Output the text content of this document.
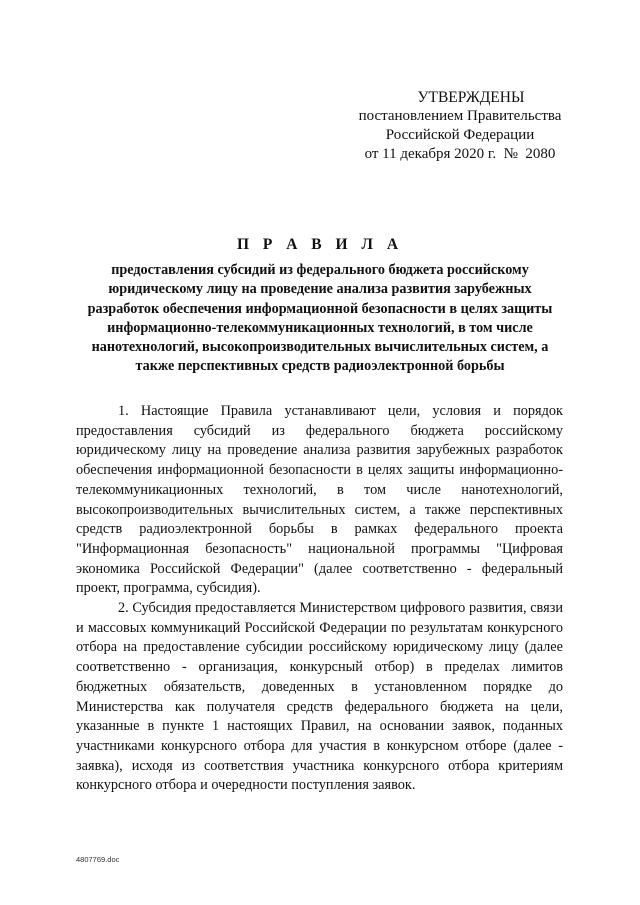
УТВЕРЖДЕНЫ
постановлением Правительства
Российской Федерации
от 11 декабря 2020 г.  №  2080
П Р А В И Л А
предоставления субсидий из федерального бюджета российскому юридическому лицу на проведение анализа развития зарубежных разработок обеспечения информационной безопасности в целях защиты информационно-телекоммуникационных технологий, в том числе нанотехнологий, высокопроизводительных вычислительных систем, а также перспективных средств радиоэлектронной борьбы

1. Настоящие Правила устанавливают цели, условия и порядок предоставления субсидий из федерального бюджета российскому юридическому лицу на проведение анализа развития зарубежных разработок обеспечения информационной безопасности в целях защиты информационно-телекоммуникационных технологий, в том числе нанотехнологий, высокопроизводительных вычислительных систем, а также перспективных средств радиоэлектронной борьбы в рамках федерального проекта "Информационная безопасность" национальной программы "Цифровая экономика Российской Федерации" (далее соответственно - федеральный проект, программа, субсидия).

2. Субсидия предоставляется Министерством цифрового развития, связи и массовых коммуникаций Российской Федерации по результатам конкурсного отбора на предоставление субсидии российскому юридическому лицу (далее соответственно - организация, конкурсный отбор) в пределах лимитов бюджетных обязательств, доведенных в установленном порядке до Министерства как получателя средств федерального бюджета на цели, указанные в пункте 1 настоящих Правил, на основании заявок, поданных участниками конкурсного отбора для участия в конкурсном отборе (далее - заявка), исходя из соответствия участника конкурсного отбора критериям конкурсного отбора и очередности поступления заявок.

4807769.doc
